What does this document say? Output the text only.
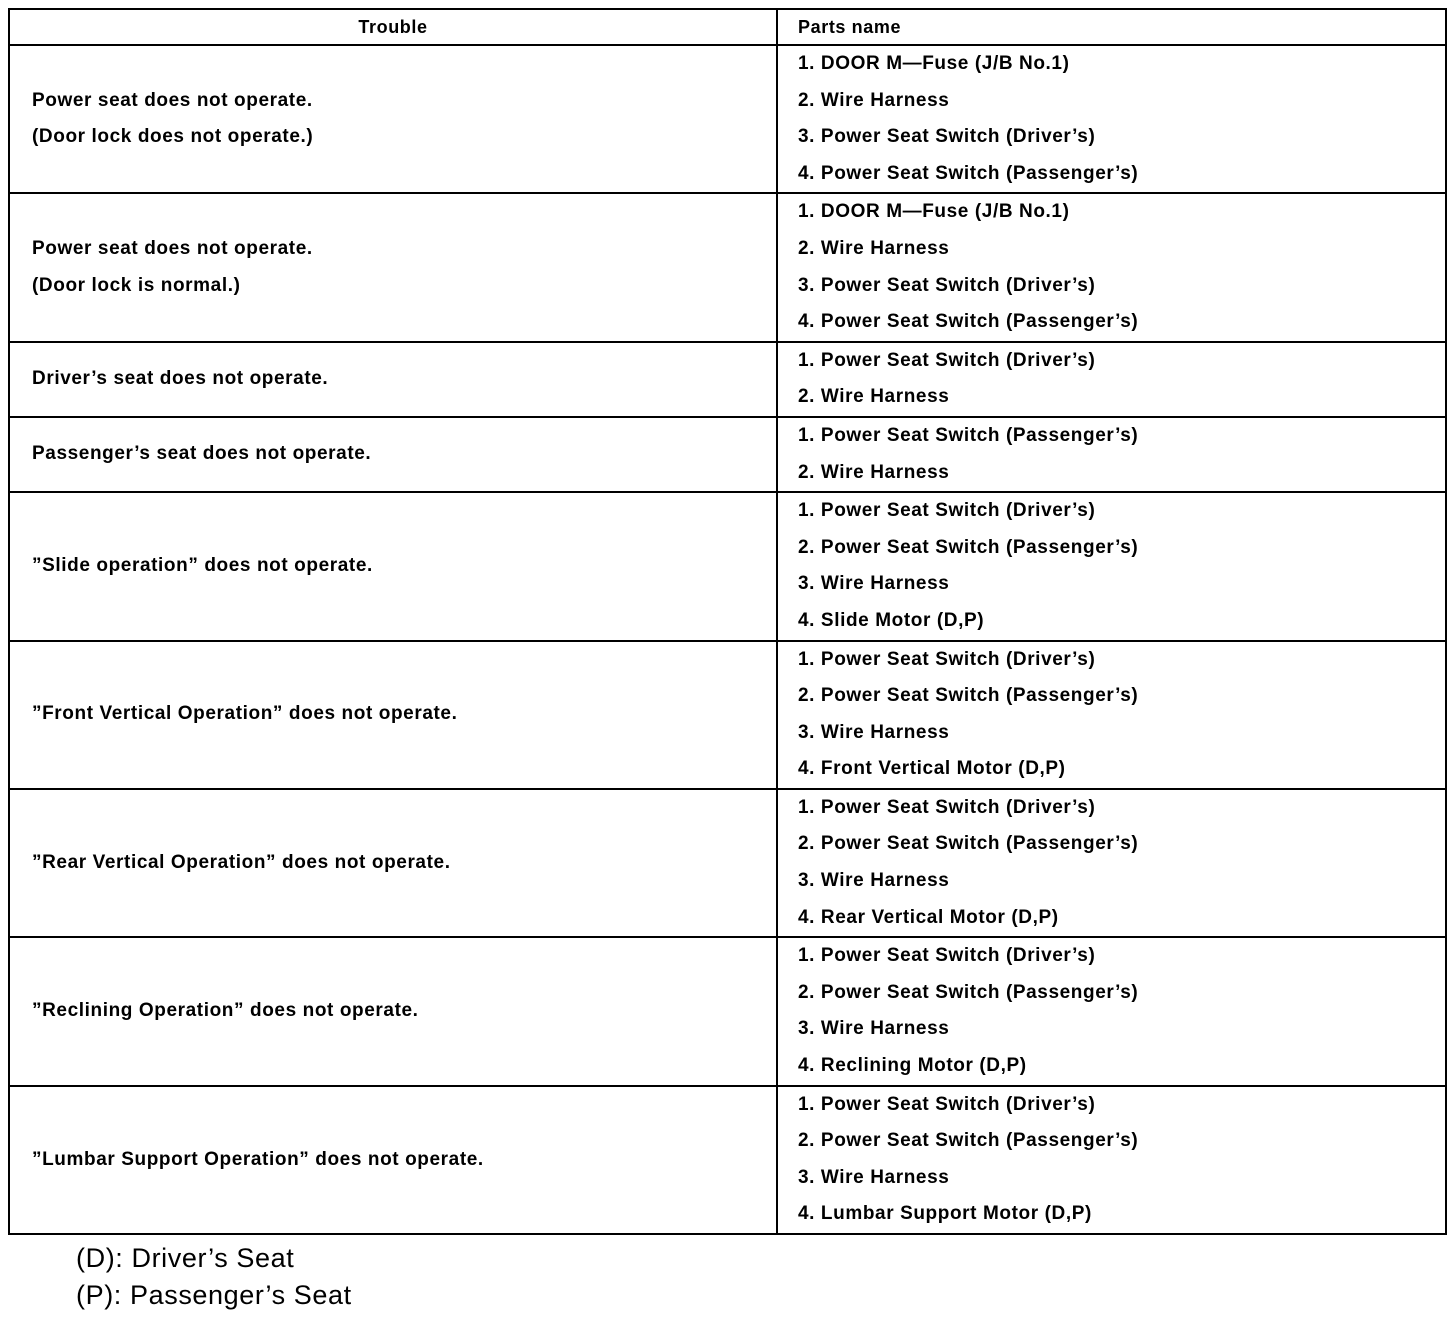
Trouble	Parts name

Power seat does not operate.
(Door lock does not operate.)	1. DOOR M—Fuse (J/B No.1)
2. Wire Harness
3. Power Seat Switch (Driver’s)
4. Power Seat Switch (Passenger’s)

Power seat does not operate.
(Door lock is normal.)	1. DOOR M—Fuse (J/B No.1)
2. Wire Harness
3. Power Seat Switch (Driver’s)
4. Power Seat Switch (Passenger’s)

Driver’s seat does not operate.	1. Power Seat Switch (Driver’s)
2. Wire Harness

Passenger’s seat does not operate.	1. Power Seat Switch (Passenger’s)
2. Wire Harness

”Slide operation” does not operate.	1. Power Seat Switch (Driver’s)
2. Power Seat Switch (Passenger’s)
3. Wire Harness
4. Slide Motor (D,P)

”Front Vertical Operation” does not operate.	1. Power Seat Switch (Driver’s)
2. Power Seat Switch (Passenger’s)
3. Wire Harness
4. Front Vertical Motor (D,P)

”Rear Vertical Operation” does not operate.	1. Power Seat Switch (Driver’s)
2. Power Seat Switch (Passenger’s)
3. Wire Harness
4. Rear Vertical Motor (D,P)

”Reclining Operation” does not operate.	1. Power Seat Switch (Driver’s)
2. Power Seat Switch (Passenger’s)
3. Wire Harness
4. Reclining Motor (D,P)

”Lumbar Support Operation” does not operate.	1. Power Seat Switch (Driver’s)
2. Power Seat Switch (Passenger’s)
3. Wire Harness
4. Lumbar Support Motor (D,P)
(D): Driver’s Seat
(P): Passenger’s Seat
